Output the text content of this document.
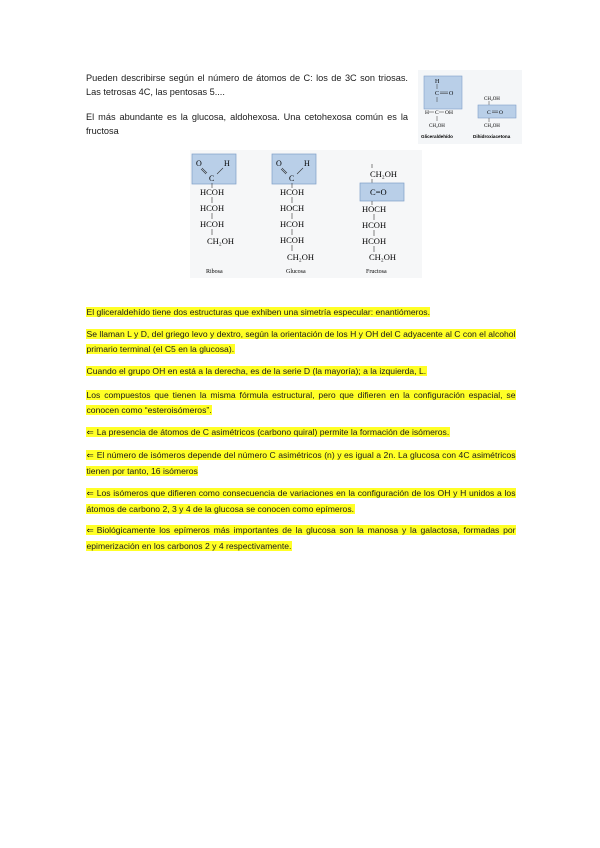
Pueden describirse según el número de átomos de C: los de 3C son triosas. Las tetrosas 4C, las pentosas 5....

El más abundante es la glucosa, aldohexosa. Una cetohexosa común es la fructosa

H
C O
H C OH
CH₂OH
CH₂OH
C O
CH₂OH
Gliceraldehído	Dihidroxiacetona
O	H
C
HCOH
HCOH
HCOH
CH₂OH
Ribosa
O	H
C
HCOH
HOCH
HCOH
HCOH
CH₂OH
Glucosa
CH₂OH
C=O
HOCH
HCOH
HCOH
CH₂OH
Fructosa

El gliceraldehído tiene dos estructuras que exhiben una simetría especular: enantiómeros.

Se llaman L y D, del griego levo y dextro, según la orientación de los H y OH del C adyacente al C con el alcohol primario terminal (el C5 en la glucosa).

Cuando el grupo OH en está a la derecha, es de la serie D (la mayoría); a la izquierda, L.

Los compuestos que tienen la misma fórmula estructural, pero que difieren en la configuración espacial, se conocen como “esteroisómeros”.

⇐ La presencia de átomos de C asimétricos (carbono quiral) permite la formación de isómeros.

⇐ El número de isómeros depende del número C asimétricos (n) y es igual a 2n. La glucosa con 4C asimétricos tienen por tanto, 16 isómeros

⇐ Los isómeros que difieren como consecuencia de variaciones en la configuración de los OH y H unidos a los átomos de carbono 2, 3 y 4 de la glucosa se conocen como epímeros.

⇐ Biológicamente los epímeros más importantes de la glucosa son la manosa y la galactosa, formadas por epimerización en los carbonos 2 y 4 respectivamente.
